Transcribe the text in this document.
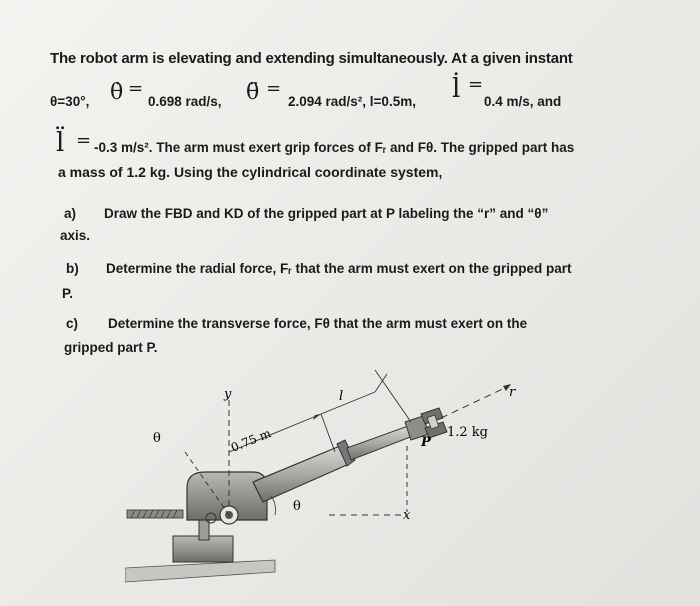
The robot arm is elevating and extending simultaneously. At a given instant
θ=30°, θ̇ =
0.698 rad/s, θ̈ =
2.094 rad/s², l=0.5m, l̇ =
0.4 m/s, and
l̈ = -0.3 m/s². The arm must exert grip forces of Fᵣ and Fθ. The gripped part has
a mass of 1.2 kg. Using the cylindrical coordinate system,
a) Draw the FBD and KD of the gripped part at P labeling the “r” and “θ”
axis.
b) Determine the radial force, Fᵣ that the arm must exert on the gripped part
P.
c) Determine the transverse force, Fθ that the arm must exert on the
gripped part P.
y
θ	0.75 m
l	r
P
1.2 kg
x
θ
